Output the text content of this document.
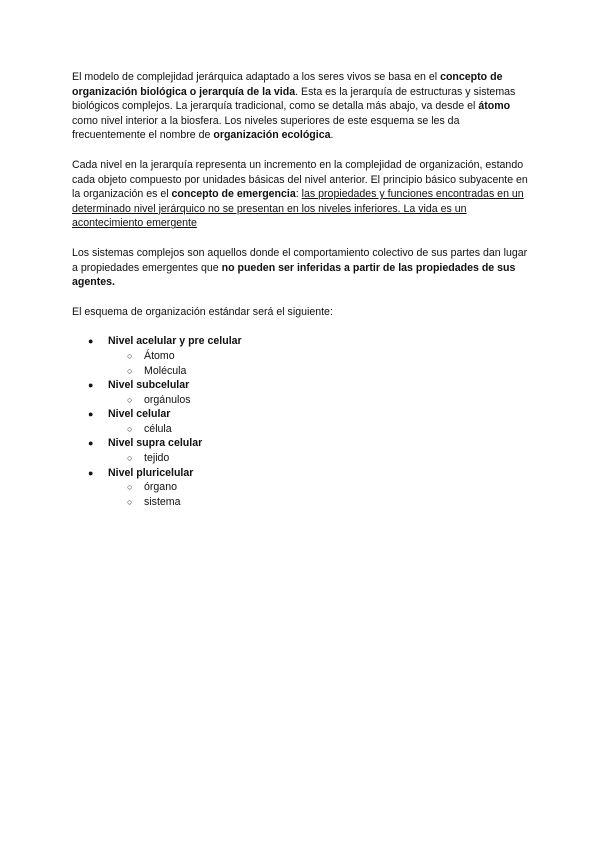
El modelo de complejidad jerárquica adaptado a los seres vivos se basa en el concepto de organización biológica o jerarquía de la vida. Esta es la jerarquía de estructuras y sistemas biológicos complejos. La jerarquía tradicional, como se detalla más abajo, va desde el átomo como nivel interior a la biosfera. Los niveles superiores de este esquema se les da frecuentemente el nombre de organización ecológica.

Cada nivel en la jerarquía representa un incremento en la complejidad de organización, estando cada objeto compuesto por unidades básicas del nivel anterior. El principio básico subyacente en la organización es el concepto de emergencia: las propiedades y funciones encontradas en un determinado nivel jerárquico no se presentan en los niveles inferiores. La vida es un acontecimiento emergente

Los sistemas complejos son aquellos donde el comportamiento colectivo de sus partes dan lugar a propiedades emergentes que no pueden ser inferidas a partir de las propiedades de sus agentes.

El esquema de organización estándar será el siguiente:

● Nivel acelular y pre celular
○ Átomo
○ Molécula
● Nivel subcelular
○ orgánulos
● Nivel celular
○ célula
● Nivel supra celular
○ tejido
● Nivel pluricelular
○ órgano
○ sistema
